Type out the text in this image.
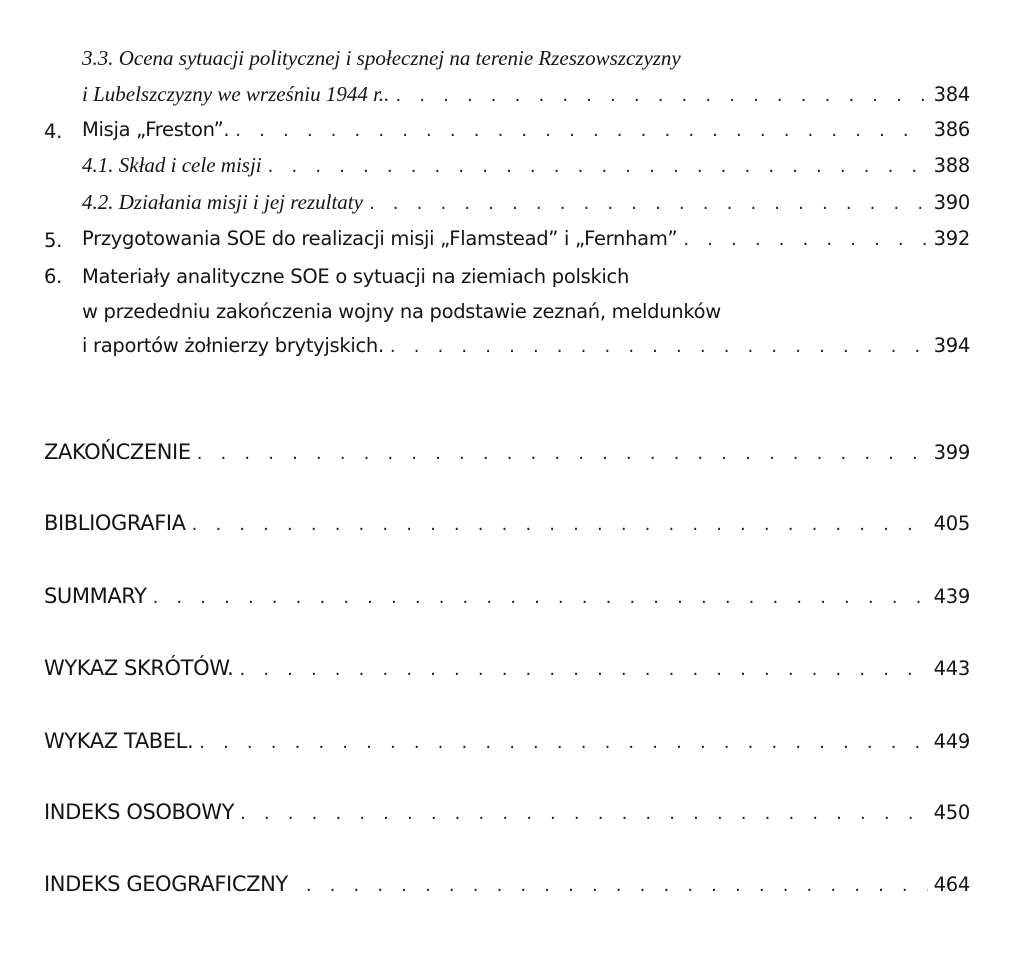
3.3. Ocena sytuacji politycznej i społecznej na terenie Rzeszowszczyzny
i Lubelszczyzny we wrześniu 1944 r.. . . .	384
4. Misja „Freston”. . . .	386
4.1. Skład i cele misji . . .	388
4.2. Działania misji i jej rezultaty . . .	390
5. Przygotowania SOE do realizacji misji „Flamstead” i „Fernham” . . .	392
6. Materiały analityczne SOE o sytuacji na ziemiach polskich
w przededniu zakończenia wojny na podstawie zeznań, meldunków
i raportów żołnierzy brytyjskich. . . .	394
ZAKOŃCZENIE . . .	399
BIBLIOGRAFIA . . .	405
SUMMARY . . .	439
WYKAZ SKRÓTÓW. . . .	443
WYKAZ TABEL. . . .	449
INDEKS OSOBOWY . . .	450
INDEKS GEOGRAFICZNY . . .	464
